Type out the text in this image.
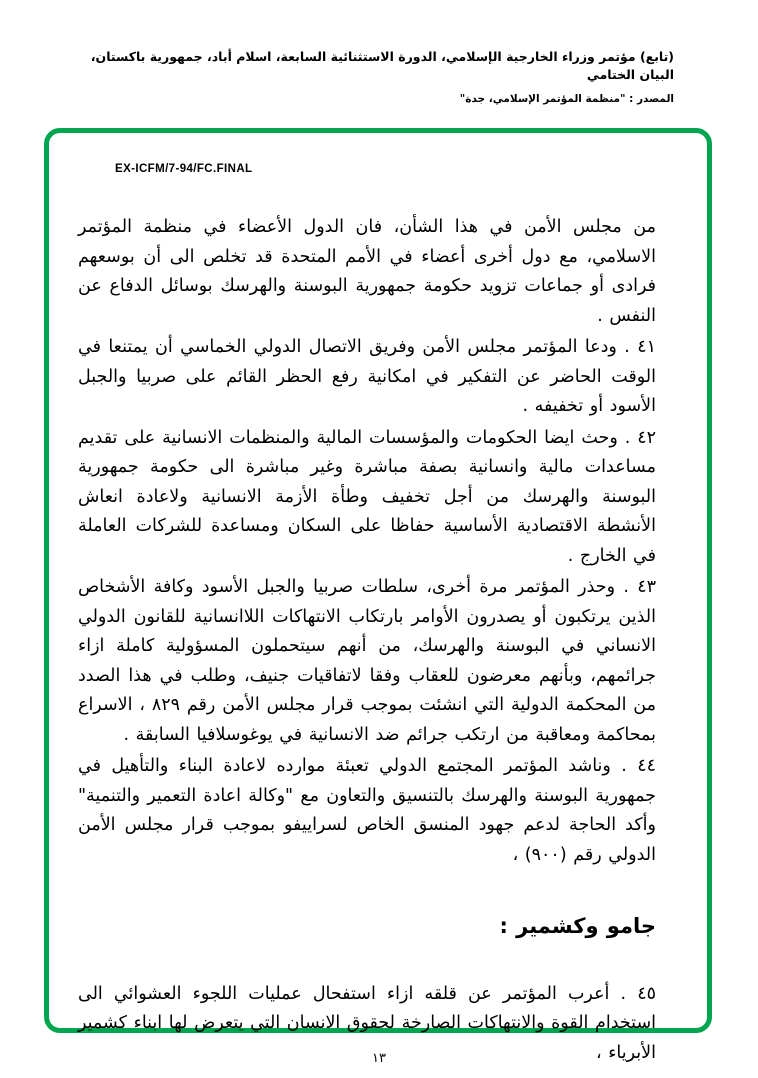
(تابع) مؤتمر وزراء الخارجية الإسلامي، الدورة الاستثنائية السابعة، اسلام أباد، جمهورية باكستان، البيان الختامي
المصدر : "منظمة المؤتمر الإسلامي، جدة"
EX-ICFM/7-94/FC.FINAL

من مجلس الأمن في هذا الشأن، فان الدول الأعضاء في منظمة المؤتمر الاسلامي، مع دول أخرى أعضاء في الأمم المتحدة قد تخلص الى أن بوسعهم فرادى أو جماعات تزويد حكومة جمهورية البوسنة والهرسك بوسائل الدفاع عن النفس .

٤١ . ودعا المؤتمر مجلس الأمن وفريق الاتصال الدولي الخماسي أن يمتنعا في الوقت الحاضر عن التفكير في امكانية رفع الحظر القائم على صربيا والجبل الأسود أو تخفيفه .

٤٢ . وحث ايضا الحكومات والمؤسسات المالية والمنظمات الانسانية على تقديم مساعدات مالية وانسانية بصفة مباشرة وغير مباشرة الى حكومة جمهورية البوسنة والهرسك من أجل تخفيف وطأة الأزمة الانسانية ولاعادة انعاش الأنشطة الاقتصادية الأساسية حفاظا على السكان ومساعدة للشركات العاملة في الخارج .

٤٣ . وحذر المؤتمر مرة أخرى، سلطات صربيا والجبل الأسود وكافة الأشخاص الذين يرتكبون أو يصدرون الأوامر بارتكاب الانتهاكات اللاانسانية للقانون الدولي الانساني في البوسنة والهرسك، من أنهم سيتحملون المسؤولية كاملة ازاء جرائمهم، وبأنهم معرضون للعقاب وفقا لاتفاقيات جنيف، وطلب في هذا الصدد من المحكمة الدولية التي انشئت بموجب قرار مجلس الأمن رقم ٨٢٩ ، الاسراع بمحاكمة ومعاقبة من ارتكب جرائم ضد الانسانية في يوغوسلافيا السابقة .

٤٤ . وناشد المؤتمر المجتمع الدولي تعبئة موارده لاعادة البناء والتأهيل في جمهورية البوسنة والهرسك بالتنسيق والتعاون مع "وكالة اعادة التعمير والتنمية" وأكد الحاجة لدعم جهود المنسق الخاص لسراييفو بموجب قرار مجلس الأمن الدولي رقم (٩٠٠) ،

جامو وكشمير :

٤٥ . أعرب المؤتمر عن قلقه ازاء استفحال عمليات اللجوء العشوائي الى استخدام القوة والانتهاكات الصارخة لحقوق الانسان التي يتعرض لها ابناء كشمير الأبرياء ،

١٣
